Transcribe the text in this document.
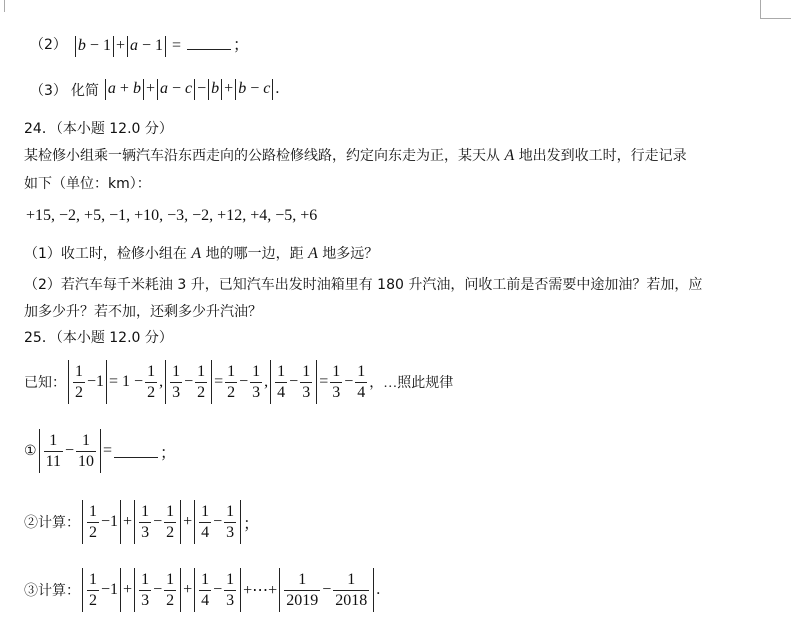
（2） b − 1 + a − 1 =	；
（3） 化简 a + b + a − c − b + b − c .
24．（本小题 12.0 分）
某检修小组乘一辆汽车沿东西走向的公路检修线路，约定向东走为正，某天从 A 地出发到收工时，行走记录
如下（单位：km）：
+15, −2, +5, −1, +10, −3, −2, +12, +4, −5, +6
（1）收工时，检修小组在 A 地的哪一边，距 A 地多远？
（2）若汽车每千米耗油 3 升，已知汽车出发时油箱里有 180 升汽油，问收工前是否需要中途加油？若加，应
加多少升？若不加，还剩多少升汽油？
25．（本小题 12.0 分）
已知： $\frac{1}{2} -1$
= $1 - \frac{1}{2}$ , $\frac{1}{3} - \frac{1}{2} = \frac{1}{2} - \frac{1}{3}$ , $\frac{1}{4} - \frac{1}{3} = \frac{1}{3} - \frac{1}{4}$ ，…照此规律
① $\frac{1}{11} - \frac{1}{10}$ =	；
②计算： $\frac{1}{2} -1 + \frac{1}{3} - \frac{1}{2} + \frac{1}{4} - \frac{1}{3}$ ；
③计算： $\frac{1}{2} -1 + \frac{1}{3} - \frac{1}{2} + \frac{1}{4} - \frac{1}{3}$ +⋯+ $\frac{1}{2019} - \frac{1}{2018}$ .
